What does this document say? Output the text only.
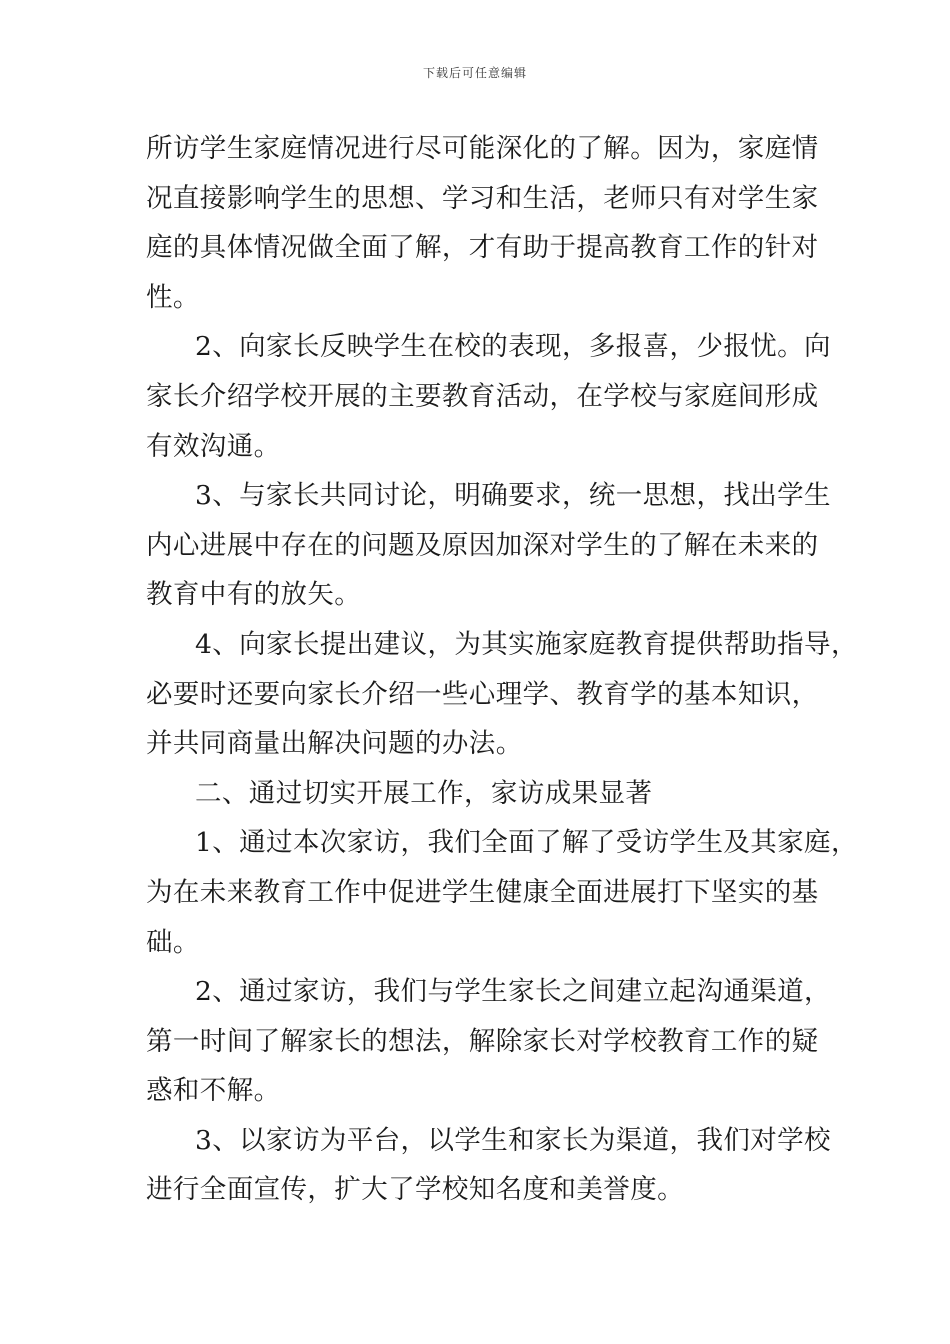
下载后可任意编辑
所访学生家庭情况进行尽可能深化的了解。因为，家庭情
况直接影响学生的思想、学习和生活，老师只有对学生家
庭的具体情况做全面了解，才有助于提高教育工作的针对
性。
2、向家长反映学生在校的表现，多报喜，少报忧。向
家长介绍学校开展的主要教育活动，在学校与家庭间形成
有效沟通。
3、与家长共同讨论，明确要求，统一思想，找出学生
内心进展中存在的问题及原因加深对学生的了解在未来的
教育中有的放矢。
4、向家长提出建议，为其实施家庭教育提供帮助指导，
必要时还要向家长介绍一些心理学、教育学的基本知识，
并共同商量出解决问题的办法。
二、通过切实开展工作，家访成果显著
1、通过本次家访，我们全面了解了受访学生及其家庭，
为在未来教育工作中促进学生健康全面进展打下坚实的基
础。
2、通过家访，我们与学生家长之间建立起沟通渠道，
第一时间了解家长的想法，解除家长对学校教育工作的疑
惑和不解。
3、以家访为平台，以学生和家长为渠道，我们对学校
进行全面宣传，扩大了学校知名度和美誉度。
